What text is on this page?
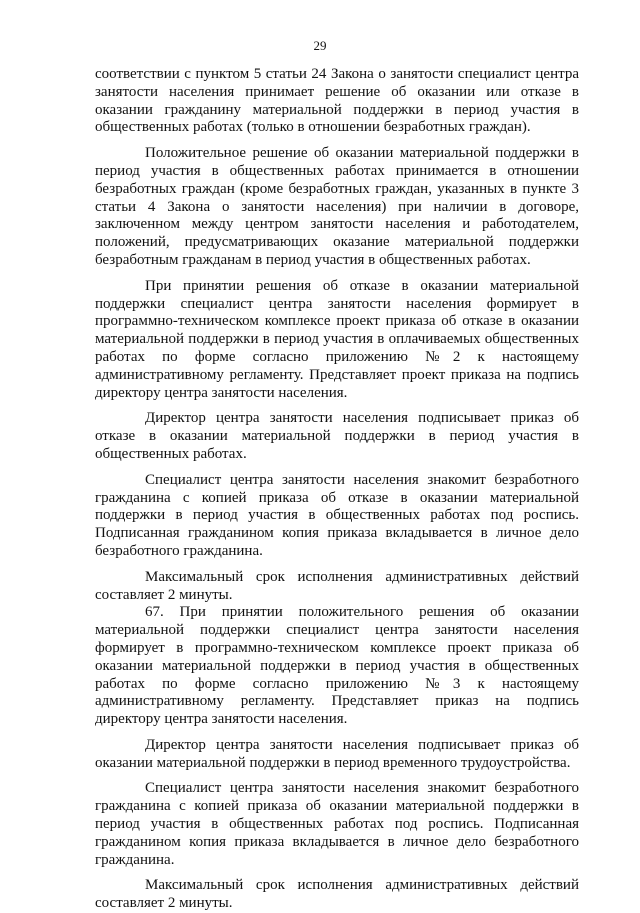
29

соответствии с пунктом 5 статьи 24 Закона о занятости специалист центра занятости населения принимает решение об оказании или отказе в оказании гражданину материальной поддержки в период участия в общественных работах (только в отношении безработных граждан).

Положительное решение об оказании материальной поддержки в период участия в общественных работах принимается в отношении безработных граждан (кроме безработных граждан, указанных в пункте 3 статьи 4 Закона о занятости населения) при наличии в договоре, заключенном между центром занятости населения и работодателем, положений, предусматривающих оказание материальной поддержки безработным гражданам в период участия в общественных работах.

При принятии решения об отказе в оказании материальной поддержки специалист центра занятости населения формирует в программно-техническом комплексе проект приказа об отказе в оказании материальной поддержки в период участия в оплачиваемых общественных работах по форме согласно приложению №2 к настоящему административному регламенту. Представляет проект приказа на подпись директору центра занятости населения.

Директор центра занятости населения подписывает приказ об отказе в оказании материальной поддержки в период участия в общественных работах.

Специалист центра занятости населения знакомит безработного гражданина с копией приказа об отказе в оказании материальной поддержки в период участия в общественных работах под роспись. Подписанная гражданином копия приказа вкладывается в личное дело безработного гражданина.

Максимальный срок исполнения административных действий составляет 2 минуты.

67. При принятии положительного решения об оказании материальной поддержки специалист центра занятости населения формирует в программно-техническом комплексе проект приказа об оказании материальной поддержки в период участия в общественных работах по форме согласно приложению №3 к настоящему административному регламенту. Представляет приказ на подпись директору центра занятости населения.

Директор центра занятости населения подписывает приказ об оказании материальной поддержки в период временного трудоустройства.

Специалист центра занятости населения знакомит безработного гражданина с копией приказа об оказании материальной поддержки в период участия в общественных работах под роспись. Подписанная гражданином копия приказа вкладывается в личное дело безработного гражданина.

Максимальный срок исполнения административных действий составляет 2 минуты.
